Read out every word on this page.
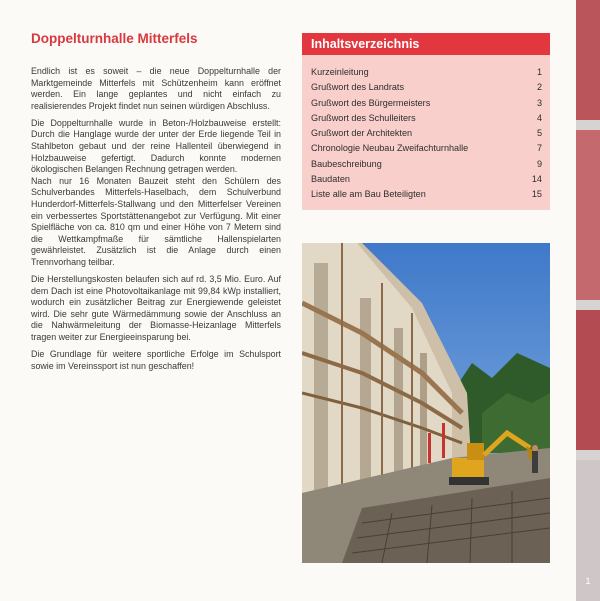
Doppelturnhalle Mitterfels

Endlich ist es soweit – die neue Doppelturnhalle der Marktgemeinde Mitterfels mit Schützenheim kann eröffnet werden. Ein lange geplantes und nicht einfach zu realisierendes Projekt findet nun seinen würdigen Abschluss.

Die Doppelturnhalle wurde in Beton-/Holzbauweise erstellt: Durch die Hanglage wurde der unter der Erde liegende Teil in Stahlbeton gebaut und der reine Hallenteil überwiegend in Holzbauweise gefertigt. Dadurch konnte modernen ökologischen Belangen Rechnung getragen werden.

Nach nur 16 Monaten Bauzeit steht den Schülern des Schulverbandes Mitterfels-Haselbach, dem Schulverbund Hunderdorf-Mitterfels-Stallwang und den Mitterfelser Vereinen ein verbessertes Sportstättenangebot zur Verfügung. Mit einer Spielfläche von ca. 810 qm und einer Höhe von 7 Metern sind die Wettkampfmaße für sämtliche Hallenspielarten gewährleistet. Zusätzlich ist die Anlage durch einen Trennvorhang teilbar.

Die Herstellungskosten belaufen sich auf rd. 3,5 Mio. Euro. Auf dem Dach ist eine Photovoltaikanlage mit 99,84 kWp installiert, wodurch ein zusätzlicher Beitrag zur Energiewende geleistet wird. Die sehr gute Wärmedämmung sowie der Anschluss an die Nahwärmeleitung der Biomasse-Heizanlage Mitterfels tragen weiter zur Energieeinsparung bei.

Die Grundlage für weitere sportliche Erfolge im Schulsport sowie im Vereinssport ist nun geschaffen!

Inhaltsverzeichnis
Kurzeinleitung	1
Grußwort des Landrats	2
Grußwort des Bürgermeisters	3
Grußwort des Schulleiters	4
Grußwort der Architekten	5
Chronologie Neubau Zweifachturnhalle	7
Baubeschreibung	9
Baudaten	14
Liste alle am Bau Beteiligten	15
1
